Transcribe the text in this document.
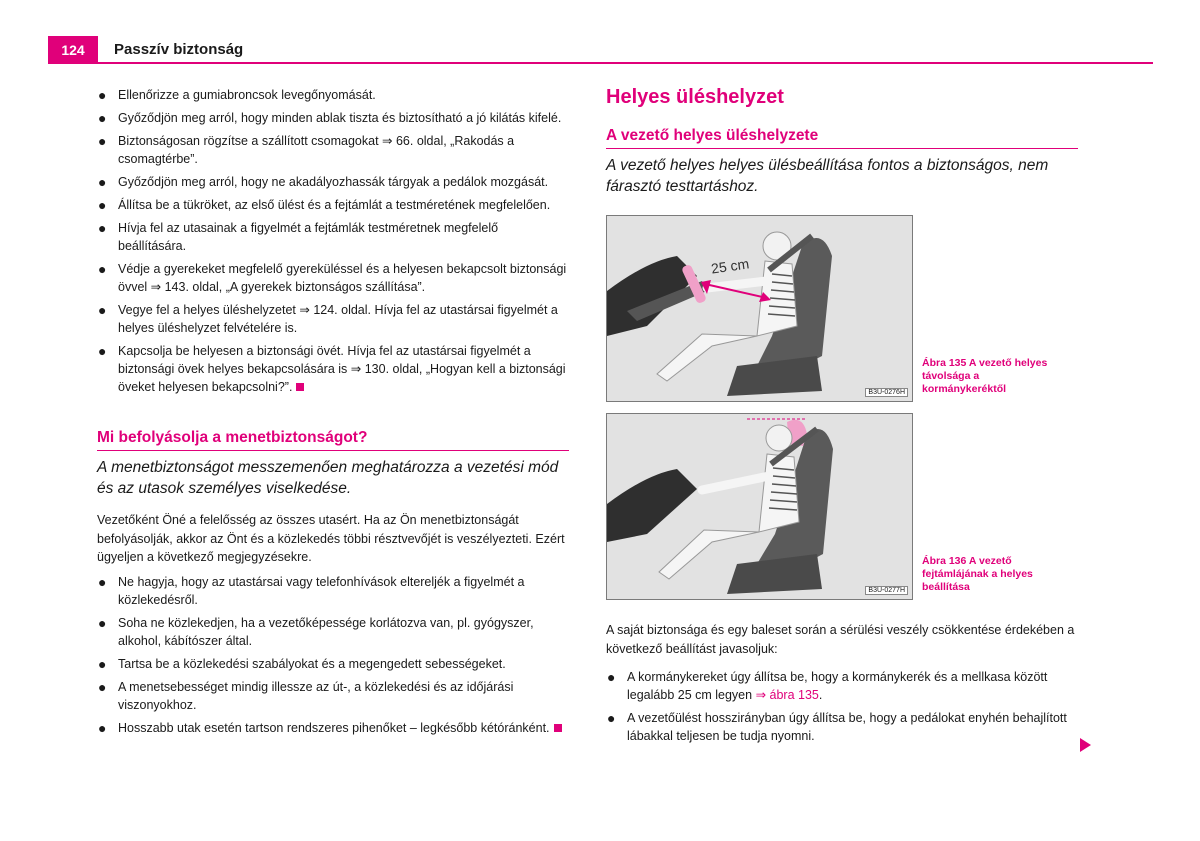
124	Passzív biztonság
● Ellenőrizze a gumiabroncsok levegőnyomását.
● Győződjön meg arról, hogy minden ablak tiszta és biztosítható a jó kilátás kifelé.
● Biztonságosan rögzítse a szállított csomagokat ⇒ 66. oldal, „Rakodás a csomagtérbe”.
● Győződjön meg arról, hogy ne akadályozhassák tárgyak a pedálok mozgását.
● Állítsa be a tükröket, az első ülést és a fejtámlát a testméretének megfelelően.
● Hívja fel az utasainak a figyelmét a fejtámlák testméretnek megfelelő beállítására.
● Védje a gyerekeket megfelelő gyereküléssel és a helyesen bekapcsolt biztonsági övvel ⇒ 143. oldal, „A gyerekek biztonságos szállítása”.
● Vegye fel a helyes üléshelyzetet ⇒ 124. oldal. Hívja fel az utastársai figyelmét a helyes üléshelyzet felvételére is.
● Kapcsolja be helyesen a biztonsági övét. Hívja fel az utastársai figyelmét a biztonsági övek helyes bekapcsolására is ⇒ 130. oldal, „Hogyan kell a biztonsági öveket helyesen bekapcsolni?”.
Mi befolyásolja a menetbiztonságot?

A menetbiztonságot messzemenően meghatározza a vezetési mód és az utasok személyes viselkedése.

Vezetőként Öné a felelősség az összes utasért. Ha az Ön menetbiztonságát befolyásolják, akkor az Önt és a közlekedés többi résztvevőjét is veszélyezteti. Ezért ügyeljen a következő megjegyzésekre.

● Ne hagyja, hogy az utastársai vagy telefonhívások eltereljék a figyelmét a közlekedésről.
● Soha ne közlekedjen, ha a vezetőképessége korlátozva van, pl. gyógyszer, alkohol, kábítószer által.
● Tartsa be a közlekedési szabályokat és a megengedett sebességeket.
● A menetsebességet mindig illessze az út-, a közlekedési és az időjárási viszonyokhoz.
● Hosszabb utak esetén tartson rendszeres pihenőket – legkésőbb kétóránként.
Helyes üléshelyzet
A vezető helyes üléshelyzete

A vezető helyes helyes ülésbeállítása fontos a biztonságos, nem fárasztó testtartáshoz.

25 cm
B3U-0276H
Ábra 135 A vezető helyes távolsága a kormánykeréktől
B3U-0277H
Ábra 136 A vezető fejtámlájának a helyes beállítása

A saját biztonsága és egy baleset során a sérülési veszély csökkentése érdekében a következő beállítást javasoljuk:

● A kormánykereket úgy állítsa be, hogy a kormánykerék és a mellkasa között legalább 25 cm legyen ⇒ ábra 135.
● A vezetőülést hosszirányban úgy állítsa be, hogy a pedálokat enyhén behajlított lábakkal teljesen be tudja nyomni.
